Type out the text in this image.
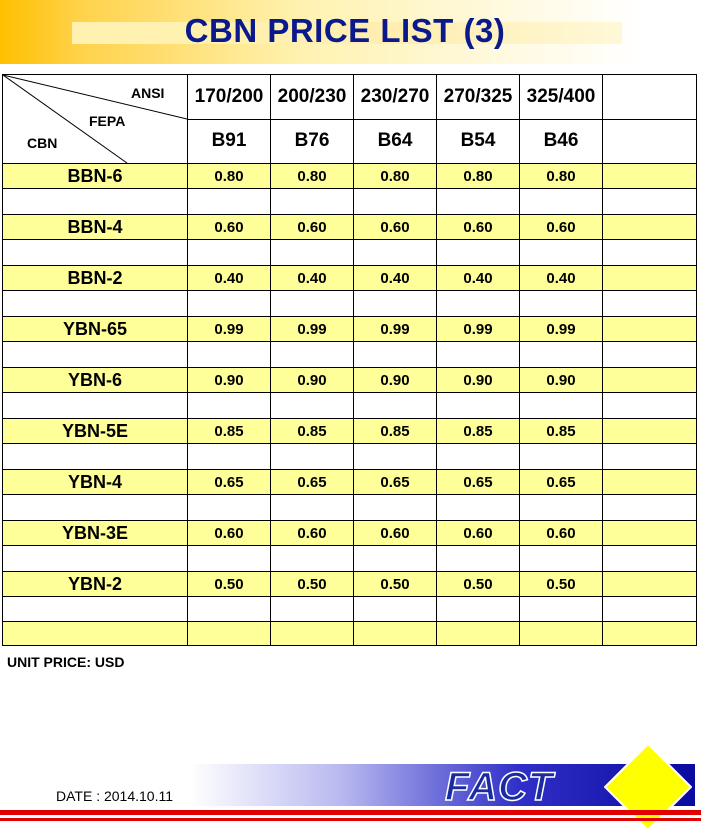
CBN PRICE LIST (3)
ANSI
FEPA
CBN	170/200	200/230	230/270	270/325	325/400	
	B91	B76	B64	B54	B46	
BBN-6	0.80	0.80	0.80	0.80	0.80	

BBN-4	0.60	0.60	0.60	0.60	0.60	

BBN-2	0.40	0.40	0.40	0.40	0.40	

YBN-65	0.99	0.99	0.99	0.99	0.99	

YBN-6	0.90	0.90	0.90	0.90	0.90	

YBN-5E	0.85	0.85	0.85	0.85	0.85	

YBN-4	0.65	0.65	0.65	0.65	0.65	

YBN-3E	0.60	0.60	0.60	0.60	0.60	

YBN-2	0.50	0.50	0.50	0.50	0.50	

UNIT PRICE: USD
FACT
DATE : 2014.10.11
